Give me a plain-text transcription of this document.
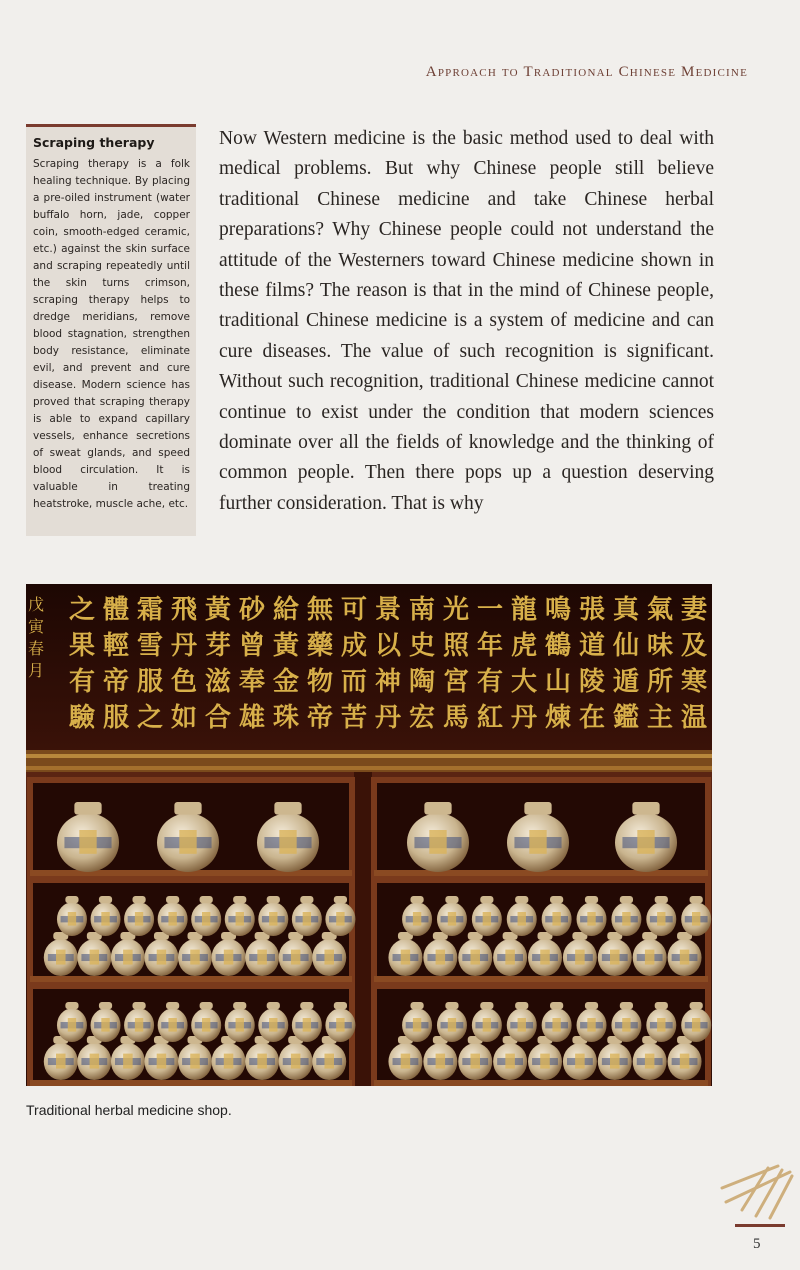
Approach to Traditional Chinese Medicine
Scraping therapy

Scraping therapy is a folk healing technique. By placing a pre-oiled instrument (water buffalo horn, jade, copper coin, smooth-edged ceramic, etc.) against the skin surface and scraping repeatedly until the skin turns crimson, scraping therapy helps to dredge meridians, remove blood stagnation, strengthen body resistance, eliminate evil, and prevent and cure disease. Modern science has proved that scraping therapy is able to expand capillary vessels, enhance secretions of sweat glands, and speed blood circulation. It is valuable in treating heatstroke, muscle ache, etc.

Now Western medicine is the basic method used to deal with medical problems. But why Chinese people still believe traditional Chinese medicine and take Chinese herbal preparations? Why Chinese people could not understand the attitude of the Westerners toward Chinese medicine shown in these films? The reason is that in the mind of Chinese people, traditional Chinese medicine is a system of medicine and can cure diseases. The value of such recognition is significant. Without such recognition, traditional Chinese medicine cannot continue to exist under the condition that modern sciences dominate over all the fields of knowledge and the thinking of common people. Then there pops up a question deserving further consideration. That is why

妻
及
寒
温
氣
味
所
主
真
仙
遁
鑑
張
道
陵
在
鳴
鶴
山
煉
龍
虎
大
丹
一
年
有
紅
光
照
宮
馬
南
史
陶
宏
景
以
神
丹
可
成
而
苦
無
藥
物
帝
給
黃
金
珠
砂
曾
奉
雄
黃
芽
滋
合
飛
丹
色
如
霜
雪
服
之
體
輕
帝
服
之
果
有
驗
戊
寅
春
月
Traditional herbal medicine shop.
5
